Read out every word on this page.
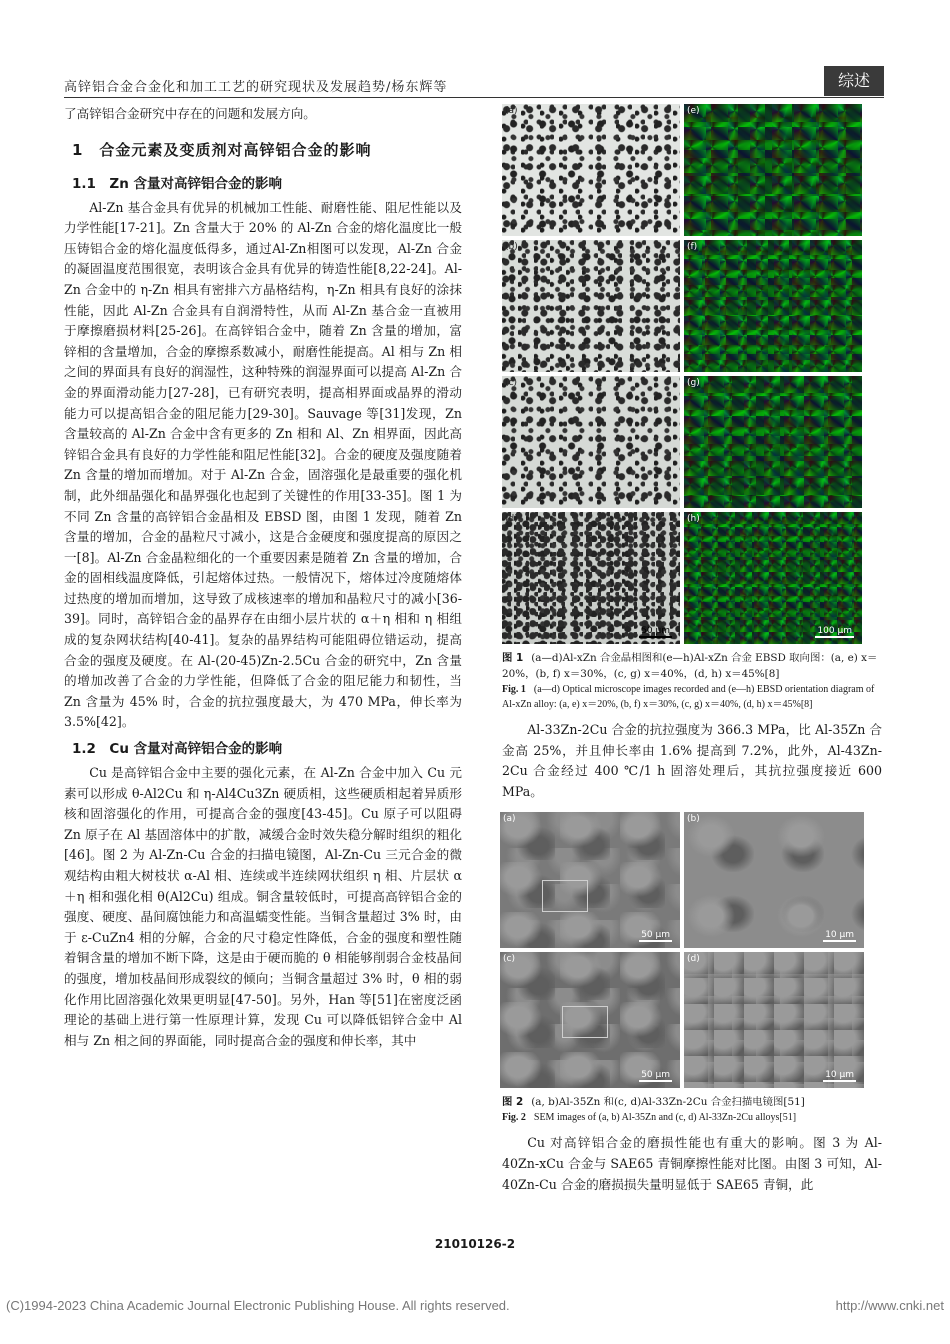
高锌铝合金合金化和加工工艺的研究现状及发展趋势/杨东辉等	综述
了高锌铝合金研究中存在的问题和发展方向。
1　合金元素及变质剂对高锌铝合金的影响
1.1　Zn 含量对高锌铝合金的影响
Al-Zn 基合金具有优异的机械加工性能、耐磨性能、阻尼性能以及力学性能[17-21]。Zn 含量大于 20% 的 Al-Zn 合金的熔化温度比一般压铸铝合金的熔化温度低得多，通过Al-Zn相图可以发现，Al-Zn 合金的凝固温度范围很宽，表明该合金具有优异的铸造性能[8,22-24]。Al-Zn 合金中的 η-Zn 相具有密排六方晶格结构，η-Zn 相具有良好的涂抹性能，因此 Al-Zn 合金具有自润滑特性，从而 Al-Zn 基合金一直被用于摩擦磨损材料[25-26]。在高锌铝合金中，随着 Zn 含量的增加，富锌相的含量增加，合金的摩擦系数减小，耐磨性能提高。Al 相与 Zn 相之间的界面具有良好的润湿性，这种特殊的润湿界面可以提高 Al-Zn 合金的界面滑动能力[27-28]，已有研究表明，提高相界面或晶界的滑动能力可以提高铝合金的阻尼能力[29-30]。Sauvage 等[31]发现，Zn 含量较高的 Al-Zn 合金中含有更多的 Zn 相和 Al、Zn 相界面，因此高锌铝合金具有良好的力学性能和阻尼性能[32]。合金的硬度及强度随着 Zn 含量的增加而增加。对于 Al-Zn 合金，固溶强化是最重要的强化机制，此外细晶强化和晶界强化也起到了关键性的作用[33-35]。图 1 为不同 Zn 含量的高锌铝合金晶相及 EBSD 图，由图 1 发现，随着 Zn 含量的增加，合金的晶粒尺寸减小，这是合金硬度和强度提高的原因之一[8]。Al-Zn 合金晶粒细化的一个重要因素是随着 Zn 含量的增加，合金的固相线温度降低，引起熔体过热。一般情况下，熔体过冷度随熔体过热度的增加而增加，这导致了成核速率的增加和晶粒尺寸的减小[36-39]。同时，高锌铝合金的晶界存在由细小层片状的 α＋η 相和 η 相组成的复杂网状结构[40-41]。复杂的晶界结构可能阻碍位错运动，提高合金的强度及硬度。在 Al-(20-45)Zn-2.5Cu 合金的研究中，Zn 含量的增加改善了合金的力学性能，但降低了合金的阻尼能力和韧性，当 Zn 含量为 45% 时，合金的抗拉强度最大，为 470 MPa，伸长率为 3.5%[42]。
1.2　Cu 含量对高锌铝合金的影响
Cu 是高锌铝合金中主要的强化元素，在 Al-Zn 合金中加入 Cu 元素可以形成 θ-Al2Cu 和 η-Al4Cu3Zn 硬质相，这些硬质相起着异质形核和固溶强化的作用，可提高合金的强度[43-45]。Cu 原子可以阻碍 Zn 原子在 Al 基固溶体中的扩散，减缓合金时效失稳分解时组织的粗化[46]。图 2 为 Al-Zn-Cu 合金的扫描电镜图，Al-Zn-Cu 三元合金的微观结构由粗大树枝状 α-Al 相、连续或半连续网状组织 η 相、片层状 α＋η 相和强化相 θ(Al2Cu) 组成。铜含量较低时，可提高高锌铝合金的强度、硬度、晶间腐蚀能力和高温蠕变性能。当铜含量超过 3% 时，由于 ε-CuZn4 相的分解，合金的尺寸稳定性降低，合金的强度和塑性随着铜含量的增加不断下降，这是由于硬而脆的 θ 相能够削弱合金枝晶间的强度，增加枝晶间形成裂纹的倾向；当铜含量超过 3% 时，θ 相的弱化作用比固溶强化效果更明显[47-50]。另外，Han 等[51]在密度泛函理论的基础上进行第一性原理计算，发现 Cu 可以降低铝锌合金中 Al 相与 Zn 相之间的界面能，同时提高合金的强度和伸长率，其中
(a)	(e)
(b)	(f)
(c)	(g)
(d)
50 μm
(h)
100 μm
图 1 (a—d)Al-xZn 合金晶相图和(e—h)Al-xZn 合金 EBSD 取向图：(a, e) x＝20%，(b, f) x＝30%，(c, g) x＝40%，(d, h) x＝45%[8]
Fig. 1 (a—d) Optical microscope images recorded and (e—h) EBSD orientation diagram of Al-xZn alloy: (a, e) x＝20%, (b, f) x＝30%, (c, g) x＝40%, (d, h) x＝45%[8]
Al-33Zn-2Cu 合金的抗拉强度为 366.3 MPa，比 Al-35Zn 合金高 25%，并且伸长率由 1.6% 提高到 7.2%，此外，Al-43Zn-2Cu 合金经过 400 ℃/1 h 固溶处理后，其抗拉强度接近 600 MPa。
(a)
50 μm
(b)
10 μm
(c)
50 μm
(d)
10 μm
图 2 (a, b)Al-35Zn 和(c, d)Al-33Zn-2Cu 合金扫描电镜图[51]
Fig. 2 SEM images of (a, b) Al-35Zn and (c, d) Al-33Zn-2Cu alloys[51]
Cu 对高锌铝合金的磨损性能也有重大的影响。图 3 为 Al-40Zn-xCu 合金与 SAE65 青铜摩擦性能对比图。由图 3 可知，Al-40Zn-Cu 合金的磨损损失量明显低于 SAE65 青铜，此
21010126-2
(C)1994-2023 China Academic Journal Electronic Publishing House. All rights reserved.	http://www.cnki.net
